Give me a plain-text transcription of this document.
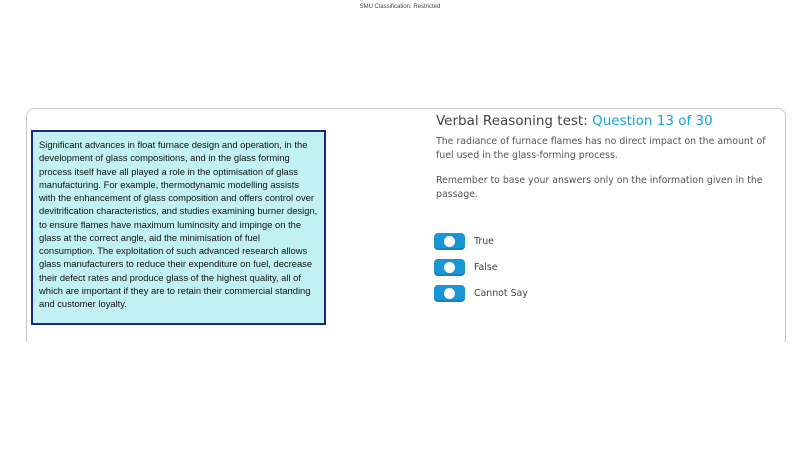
SMU Classification: Restricted
Significant advances in float furnace design and operation, in the development of glass compositions, and in the glass forming process itself have all played a role in the optimisation of glass manufacturing. For example, thermodynamic modelling assists with the enhancement of glass composition and offers control over devitrification characteristics, and studies examining burner design, to ensure flames have maximum luminosity and impinge on the glass at the correct angle, aid the minimisation of fuel consumption. The exploitation of such advanced research allows glass manufacturers to reduce their expenditure on fuel, decrease their defect rates and produce glass of the highest quality, all of which are important if they are to retain their commercial standing and customer loyalty.
Verbal Reasoning test: Question 13 of 30
The radiance of furnace flames has no direct impact on the amount of fuel used in the glass-forming process.
Remember to base your answers only on the information given in the passage.
True
False
Cannot Say
